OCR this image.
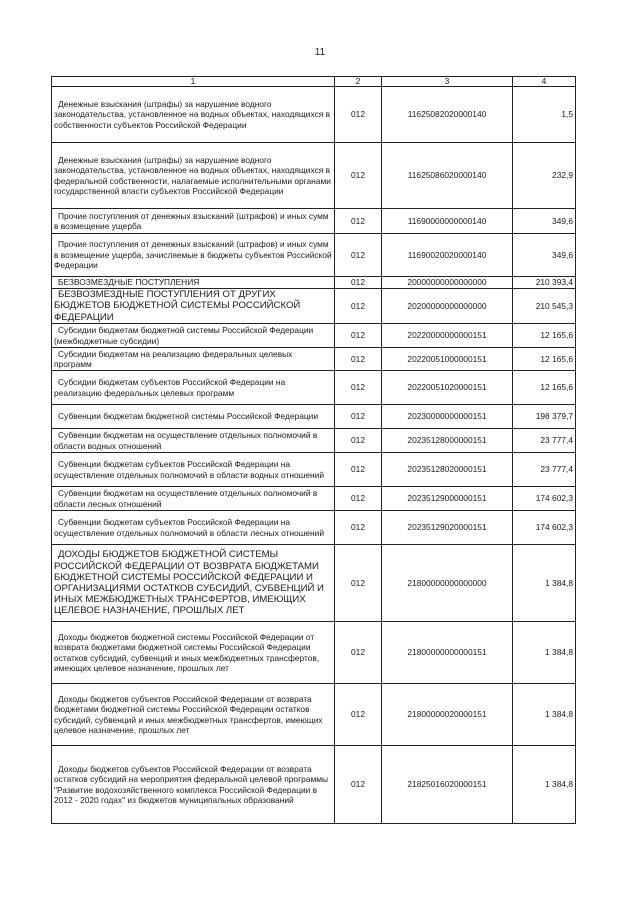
11
1	2	3	4
Денежные взыскания (штрафы) за нарушение водного законодательства, установленное на водных объектах, находящихся в собственности субъектов Российской Федерации	012	11625082020000140	1,5
Денежные взыскания (штрафы) за нарушение водного законодательства, установленное на водных объектах, находящихся в федеральной собственности, налагаемые исполнительными органами государственной власти субъектов Российской Федерации	012	11625086020000140	232,9
Прочие поступления от денежных взысканий (штрафов) и иных сумм в возмещение ущерба	012	11690000000000140	349,6
Прочие поступления от денежных взысканий (штрафов) и иных сумм в возмещение ущерба, зачисляемые в бюджеты субъектов Российской Федерации	012	11690020020000140	349,6
БЕЗВОЗМЕЗДНЫЕ ПОСТУПЛЕНИЯ	012	20000000000000000	210 393,4
БЕЗВОЗМЕЗДНЫЕ ПОСТУПЛЕНИЯ ОТ ДРУГИХ БЮДЖЕТОВ БЮДЖЕТНОЙ СИСТЕМЫ РОССИЙСКОЙ ФЕДЕРАЦИИ	012	20200000000000000	210 545,3
Субсидии бюджетам бюджетной системы Российской Федерации (межбюджетные субсидии)	012	20220000000000151	12 165,6
Субсидии бюджетам на реализацию федеральных целевых программ	012	20220051000000151	12 165,6
Субсидии бюджетам субъектов Российской Федерации на реализацию федеральных целевых программ	012	20220051020000151	12 165,6
Субвенции бюджетам бюджетной системы Российской Федерации	012	20230000000000151	198 379,7
Субвенции бюджетам на осуществление отдельных полномочий в области водных отношений	012	20235128000000151	23 777,4
Субвенции бюджетам субъектов Российской Федерации на осуществление отдельных полномочий в области водных отношений	012	20235128020000151	23 777,4
Субвенции бюджетам на осуществление отдельных полномочий в области лесных отношений	012	20235129000000151	174 602,3
Субвенции бюджетам субъектов Российской Федерации на осуществление отдельных полномочий в области лесных отношений	012	20235129020000151	174 602,3
ДОХОДЫ БЮДЖЕТОВ БЮДЖЕТНОЙ СИСТЕМЫ РОССИЙСКОЙ ФЕДЕРАЦИИ ОТ ВОЗВРАТА БЮДЖЕТАМИ БЮДЖЕТНОЙ СИСТЕМЫ РОССИЙСКОЙ ФЕДЕРАЦИИ И ОРГАНИЗАЦИЯМИ ОСТАТКОВ СУБСИДИЙ, СУБВЕНЦИЙ И ИНЫХ МЕЖБЮДЖЕТНЫХ ТРАНСФЕРТОВ, ИМЕЮЩИХ ЦЕЛЕВОЕ НАЗНАЧЕНИЕ, ПРОШЛЫХ ЛЕТ	012	21800000000000000	1 384,8
Доходы бюджетов бюджетной системы Российской Федерации от возврата бюджетами бюджетной системы Российской Федерации остатков субсидий, субвенций и иных межбюджетных трансфертов, имеющих целевое назначение, прошлых лет	012	21800000000000151	1 384,8
Доходы бюджетов субъектов Российской Федерации от возврата бюджетами бюджетной системы Российской Федерации остатков субсидий, субвенций и иных межбюджетных трансфертов, имеющих целевое назначение, прошлых лет	012	21800000020000151	1 384,8
Доходы бюджетов субъектов Российской Федерации от возврата остатков субсидий на мероприятия федеральной целевой программы "Развитие водохозяйственного комплекса Российской Федерации в 2012 - 2020 годах" из бюджетов муниципальных образований	012	21825016020000151	1 384,8
